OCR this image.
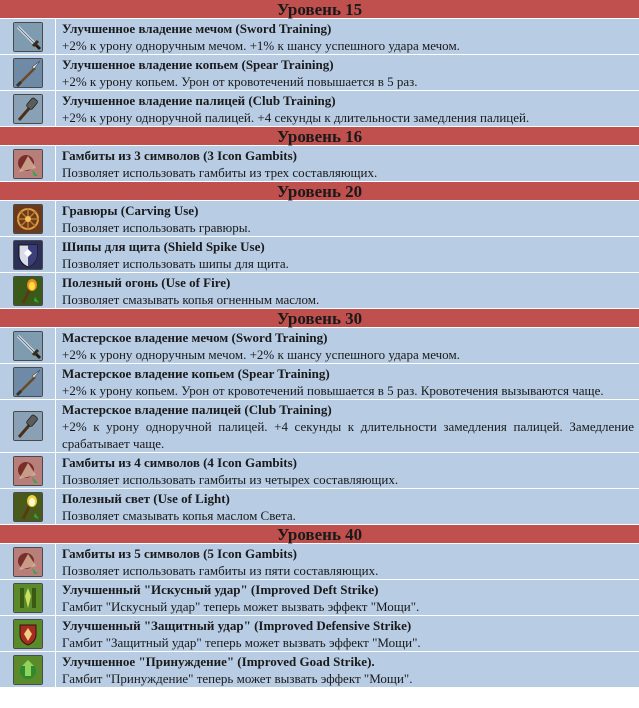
Уровень 15
Улучшенное владение мечом (Sword Training)
+2% к урону одноручным мечом. +1% к шансу успешного удара мечом.
Улучшенное владение копьем (Spear Training)
+2% к урону копьем. Урон от кровотечений повышается в 5 раз.
Улучшенное владение палицей (Club Training)
+2% к урону одноручной палицей. +4 секунды к длительности замедления палицей.
Уровень 16
Гамбиты из 3 символов (3 Icon Gambits)
Позволяет использовать гамбиты из трех составляющих.
Уровень 20
Гравюры (Carving Use)
Позволяет использовать гравюры.
Шипы для щита (Shield Spike Use)
Позволяет использовать шипы для щита.
Полезный огонь (Use of Fire)
Позволяет смазывать копья огненным маслом.
Уровень 30
Мастерское владение мечом (Sword Training)
+2% к урону одноручным мечом. +2% к шансу успешного удара мечом.
Мастерское владение копьем (Spear Training)
+2% к урону копьем. Урон от кровотечений повышается в 5 раз. Кровотечения вызываются чаще.
Мастерское владение палицей (Club Training)
+2% к урону одноручной палицей. +4 секунды к длительности замедления палицей. Замедление срабатывает чаще.
Гамбиты из 4 символов (4 Icon Gambits)
Позволяет использовать гамбиты из четырех составляющих.
Полезный свет (Use of Light)
Позволяет смазывать копья маслом Света.
Уровень 40
Гамбиты из 5 символов (5 Icon Gambits)
Позволяет использовать гамбиты из пяти составляющих.
Улучшенный "Искусный удар" (Improved Deft Strike)
Гамбит "Искусный удар" теперь может вызвать эффект "Мощи".
Улучшенный "Защитный удар" (Improved Defensive Strike)
Гамбит "Защитный удар" теперь может вызвать эффект "Мощи".
Улучшенное "Принуждение" (Improved Goad Strike).
Гамбит "Принуждение" теперь может вызвать эффект "Мощи".
